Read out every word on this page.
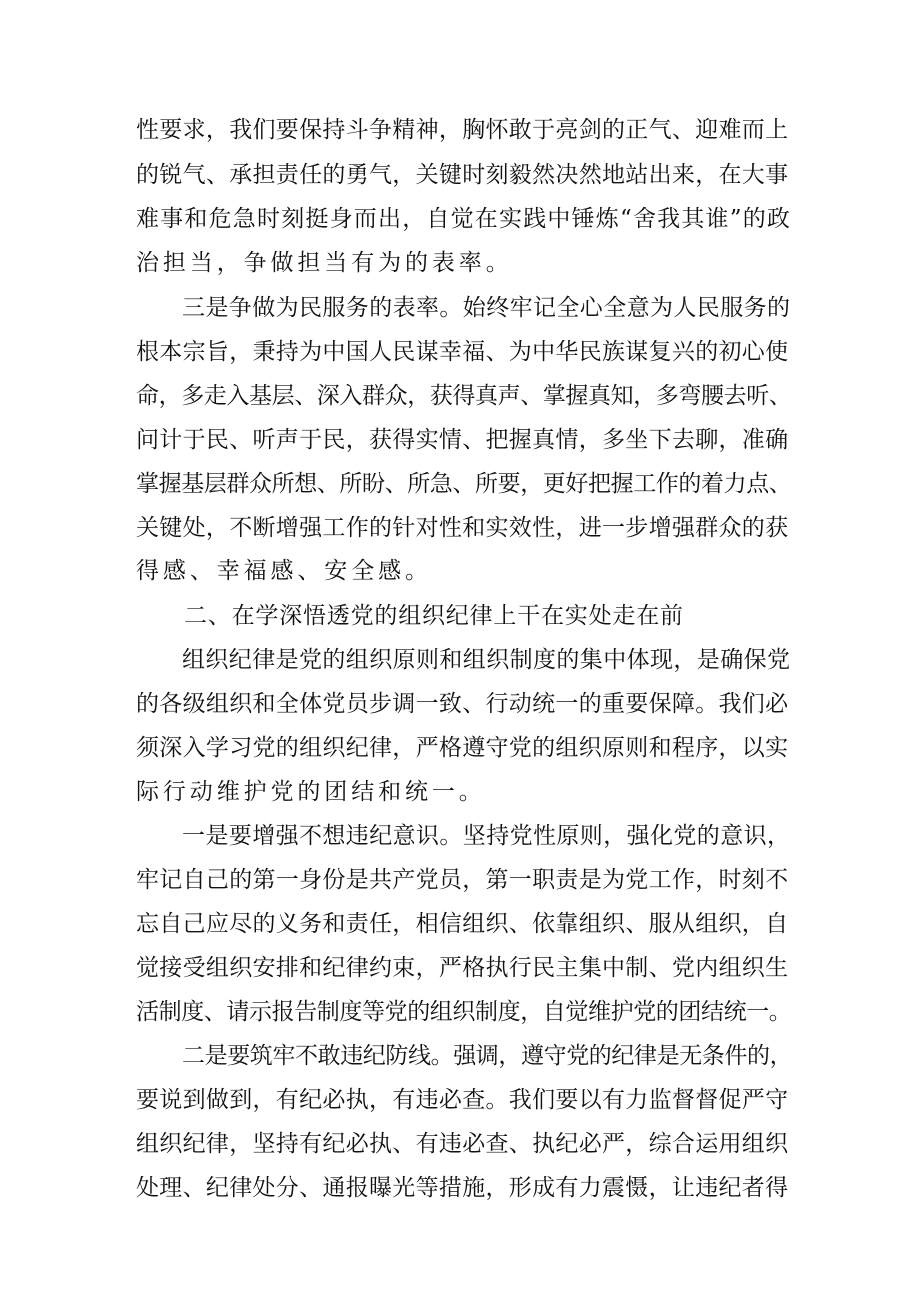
性要求，我们要保持斗争精神，胸怀敢于亮剑的正气、迎难而上
的锐气、承担责任的勇气，关键时刻毅然决然地站出来，在大事
难事和危急时刻挺身而出，自觉在实践中锤炼“舍我其谁”的政
治担当，争做担当有为的表率。
三是争做为民服务的表率。始终牢记全心全意为人民服务的
根本宗旨，秉持为中国人民谋幸福、为中华民族谋复兴的初心使
命，多走入基层、深入群众，获得真声、掌握真知，多弯腰去听、
问计于民、听声于民，获得实情、把握真情，多坐下去聊，准确
掌握基层群众所想、所盼、所急、所要，更好把握工作的着力点、
关键处，不断增强工作的针对性和实效性，进一步增强群众的获
得感、幸福感、安全感。
二、在学深悟透党的组织纪律上干在实处走在前
组织纪律是党的组织原则和组织制度的集中体现，是确保党
的各级组织和全体党员步调一致、行动统一的重要保障。我们必
须深入学习党的组织纪律，严格遵守党的组织原则和程序，以实
际行动维护党的团结和统一。
一是要增强不想违纪意识。坚持党性原则，强化党的意识，
牢记自己的第一身份是共产党员，第一职责是为党工作，时刻不
忘自己应尽的义务和责任，相信组织、依靠组织、服从组织，自
觉接受组织安排和纪律约束，严格执行民主集中制、党内组织生
活制度、请示报告制度等党的组织制度，自觉维护党的团结统一。
二是要筑牢不敢违纪防线。强调，遵守党的纪律是无条件的，
要说到做到，有纪必执，有违必查。我们要以有力监督督促严守
组织纪律，坚持有纪必执、有违必查、执纪必严，综合运用组织
处理、纪律处分、通报曝光等措施，形成有力震慑，让违纪者得
